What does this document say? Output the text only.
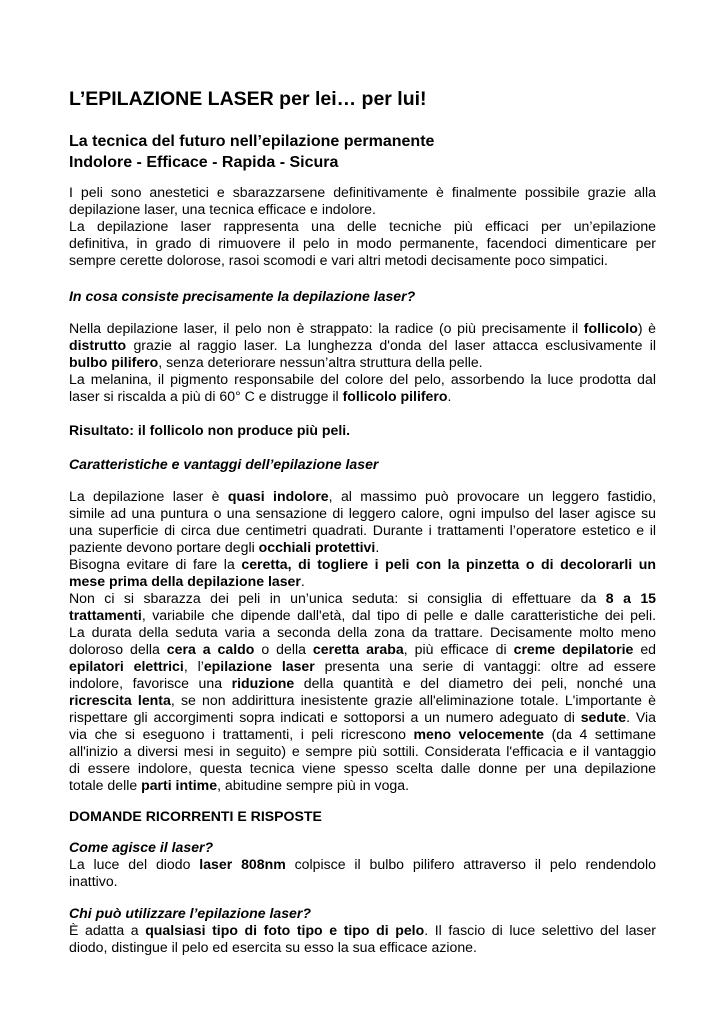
L’EPILAZIONE LASER per lei… per lui!
La tecnica del futuro nell’epilazione permanente
Indolore - Efficace - Rapida - Sicura
I peli sono anestetici e sbarazzarsene definitivamente è finalmente possibile grazie alla
depilazione laser, una tecnica efficace e indolore.
La depilazione laser rappresenta una delle tecniche più efficaci per un’epilazione
definitiva, in grado di rimuovere il pelo in modo permanente, facendoci dimenticare per
sempre cerette dolorose, rasoi scomodi e vari altri metodi decisamente poco simpatici.
In cosa consiste precisamente la depilazione laser?
Nella depilazione laser, il pelo non è strappato: la radice (o più precisamente il follicolo) è
distrutto grazie al raggio laser. La lunghezza d'onda del laser attacca esclusivamente il
bulbo pilifero, senza deteriorare nessun’altra struttura della pelle.
La melanina, il pigmento responsabile del colore del pelo, assorbendo la luce prodotta dal
laser si riscalda a più di 60° C e distrugge il follicolo pilifero.

Risultato: il follicolo non produce più peli.

Caratteristiche e vantaggi dell’epilazione laser
La depilazione laser è quasi indolore, al massimo può provocare un leggero fastidio,
simile ad una puntura o una sensazione di leggero calore, ogni impulso del laser agisce su
una superficie di circa due centimetri quadrati. Durante i trattamenti l’operatore estetico e il
paziente devono portare degli occhiali protettivi.
Bisogna evitare di fare la ceretta, di togliere i peli con la pinzetta o di decolorarli un
mese prima della depilazione laser.
Non ci si sbarazza dei peli in un’unica seduta: si consiglia di effettuare da 8 a 15
trattamenti, variabile che dipende dall'età, dal tipo di pelle e dalle caratteristiche dei peli.
La durata della seduta varia a seconda della zona da trattare. Decisamente molto meno
doloroso della cera a caldo o della ceretta araba, più efficace di creme depilatorie ed
epilatori elettrici, l’epilazione laser presenta una serie di vantaggi: oltre ad essere
indolore, favorisce una riduzione della quantità e del diametro dei peli, nonché una
ricrescita lenta, se non addirittura inesistente grazie all'eliminazione totale. L'importante è
rispettare gli accorgimenti sopra indicati e sottoporsi a un numero adeguato di sedute. Via
via che si eseguono i trattamenti, i peli ricrescono meno velocemente (da 4 settimane
all'inizio a diversi mesi in seguito) e sempre più sottili. Considerata l'efficacia e il vantaggio
di essere indolore, questa tecnica viene spesso scelta dalle donne per una depilazione
totale delle parti intime, abitudine sempre più in voga.
DOMANDE RICORRENTI E RISPOSTE

Come agisce il laser?

La luce del diodo laser 808nm colpisce il bulbo pilifero attraverso il pelo rendendolo
inattivo.

Chi può utilizzare l’epilazione laser?

È adatta a qualsiasi tipo di foto tipo e tipo di pelo. Il fascio di luce selettivo del laser
diodo, distingue il pelo ed esercita su esso la sua efficace azione.
